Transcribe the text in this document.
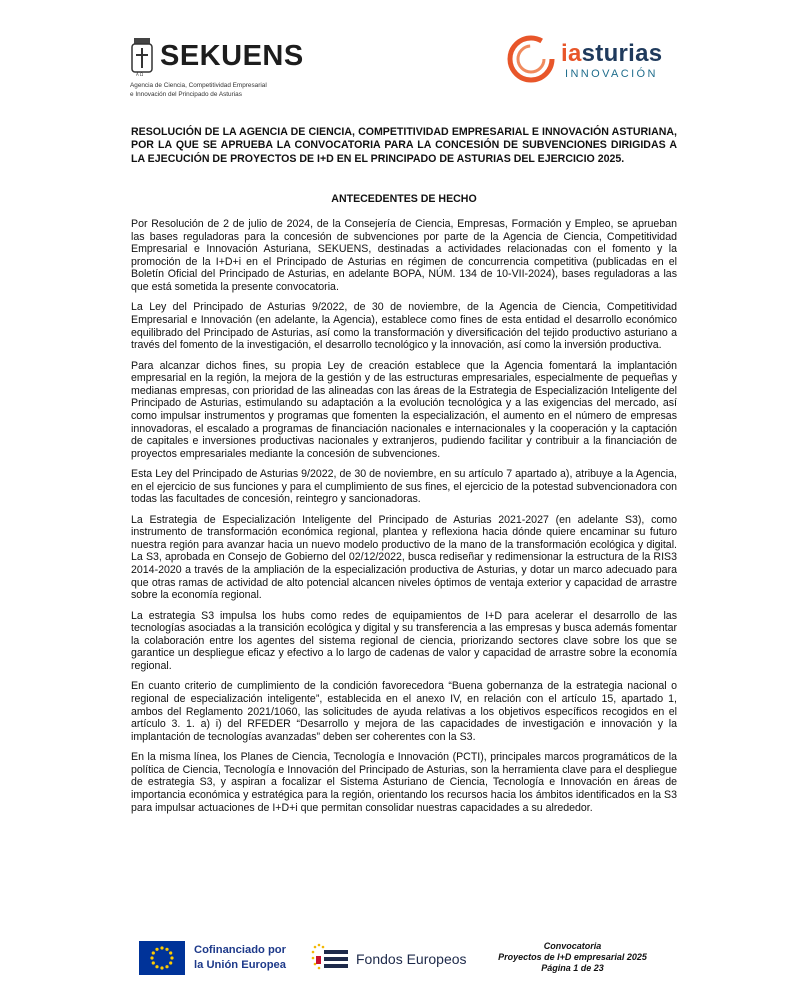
A Ω
SEKUENS
Agencia de Ciencia, Competitividad Empresarial
e Innovación del Principado de Asturias
iasturias
INNOVACIÓN
RESOLUCIÓN DE LA AGENCIA DE CIENCIA, COMPETITIVIDAD EMPRESARIAL E INNOVACIÓN ASTURIANA, POR LA QUE SE APRUEBA LA CONVOCATORIA PARA LA CONCESIÓN DE SUBVENCIONES DIRIGIDAS A LA EJECUCIÓN DE PROYECTOS DE I+D EN EL PRINCIPADO DE ASTURIAS DEL EJERCICIO 2025.
ANTECEDENTES DE HECHO

Por Resolución de 2 de julio de 2024, de la Consejería de Ciencia, Empresas, Formación y Empleo, se aprueban las bases reguladoras para la concesión de subvenciones por parte de la Agencia de Ciencia, Competitividad Empresarial e Innovación Asturiana, SEKUENS, destinadas a actividades relacionadas con el fomento y la promoción de la I+D+i en el Principado de Asturias en régimen de concurrencia competitiva (publicadas en el Boletín Oficial del Principado de Asturias, en adelante BOPA, NÚM. 134 de 10-VII-2024), bases reguladoras a las que está sometida la presente convocatoria.

La Ley del Principado de Asturias 9/2022, de 30 de noviembre, de la Agencia de Ciencia, Competitividad Empresarial e Innovación (en adelante, la Agencia), establece como fines de esta entidad el desarrollo económico equilibrado del Principado de Asturias, así como la transformación y diversificación del tejido productivo asturiano a través del fomento de la investigación, el desarrollo tecnológico y la innovación, así como la inversión productiva.

Para alcanzar dichos fines, su propia Ley de creación establece que la Agencia fomentará la implantación empresarial en la región, la mejora de la gestión y de las estructuras empresariales, especialmente de pequeñas y medianas empresas, con prioridad de las alineadas con las áreas de la Estrategia de Especialización Inteligente del Principado de Asturias, estimulando su adaptación a la evolución tecnológica y a las exigencias del mercado, así como impulsar instrumentos y programas que fomenten la especialización, el aumento en el número de empresas innovadoras, el escalado a programas de financiación nacionales e internacionales y la cooperación y la captación de capitales e inversiones productivas nacionales y extranjeros, pudiendo facilitar y contribuir a la financiación de proyectos empresariales mediante la concesión de subvenciones.

Esta Ley del Principado de Asturias 9/2022, de 30 de noviembre, en su artículo 7 apartado a), atribuye a la Agencia, en el ejercicio de sus funciones y para el cumplimiento de sus fines, el ejercicio de la potestad subvencionadora con todas las facultades de concesión, reintegro y sancionadoras.

La Estrategia de Especialización Inteligente del Principado de Asturias 2021-2027 (en adelante S3), como instrumento de transformación económica regional, plantea y reflexiona hacia dónde quiere encaminar su futuro nuestra región para avanzar hacia un nuevo modelo productivo de la mano de la transformación ecológica y digital. La S3, aprobada en Consejo de Gobierno del 02/12/2022, busca rediseñar y redimensionar la estructura de la RIS3 2014-2020 a través de la ampliación de la especialización productiva de Asturias, y dotar un marco adecuado para que otras ramas de actividad de alto potencial alcancen niveles óptimos de ventaja exterior y capacidad de arrastre sobre la economía regional.

La estrategia S3 impulsa los hubs como redes de equipamientos de I+D para acelerar el desarrollo de las tecnologías asociadas a la transición ecológica y digital y su transferencia a las empresas y busca además fomentar la colaboración entre los agentes del sistema regional de ciencia, priorizando sectores clave sobre los que se garantice un despliegue eficaz y efectivo a lo largo de cadenas de valor y capacidad de arrastre sobre la economía regional.

En cuanto criterio de cumplimiento de la condición favorecedora “Buena gobernanza de la estrategia nacional o regional de especialización inteligente”, establecida en el anexo IV, en relación con el artículo 15, apartado 1, ambos del Reglamento 2021/1060, las solicitudes de ayuda relativas a los objetivos específicos recogidos en el artículo 3. 1. a) i) del RFEDER “Desarrollo y mejora de las capacidades de investigación e innovación y la implantación de tecnologías avanzadas” deben ser coherentes con la S3.

En la misma línea, los Planes de Ciencia, Tecnología e Innovación (PCTI), principales marcos programáticos de la política de Ciencia, Tecnología e Innovación del Principado de Asturias, son la herramienta clave para el despliegue de estrategia S3, y aspiran a focalizar el Sistema Asturiano de Ciencia, Tecnología e Innovación en áreas de importancia económica y estratégica para la región, orientando los recursos hacia los ámbitos identificados en la S3 para impulsar actuaciones de I+D+i que permitan consolidar nuestras capacidades a su alrededor.

Cofinanciado por
la Unión Europea	Fondos Europeos
Convocatoria
Proyectos de I+D empresarial 2025
Página 1 de 23
